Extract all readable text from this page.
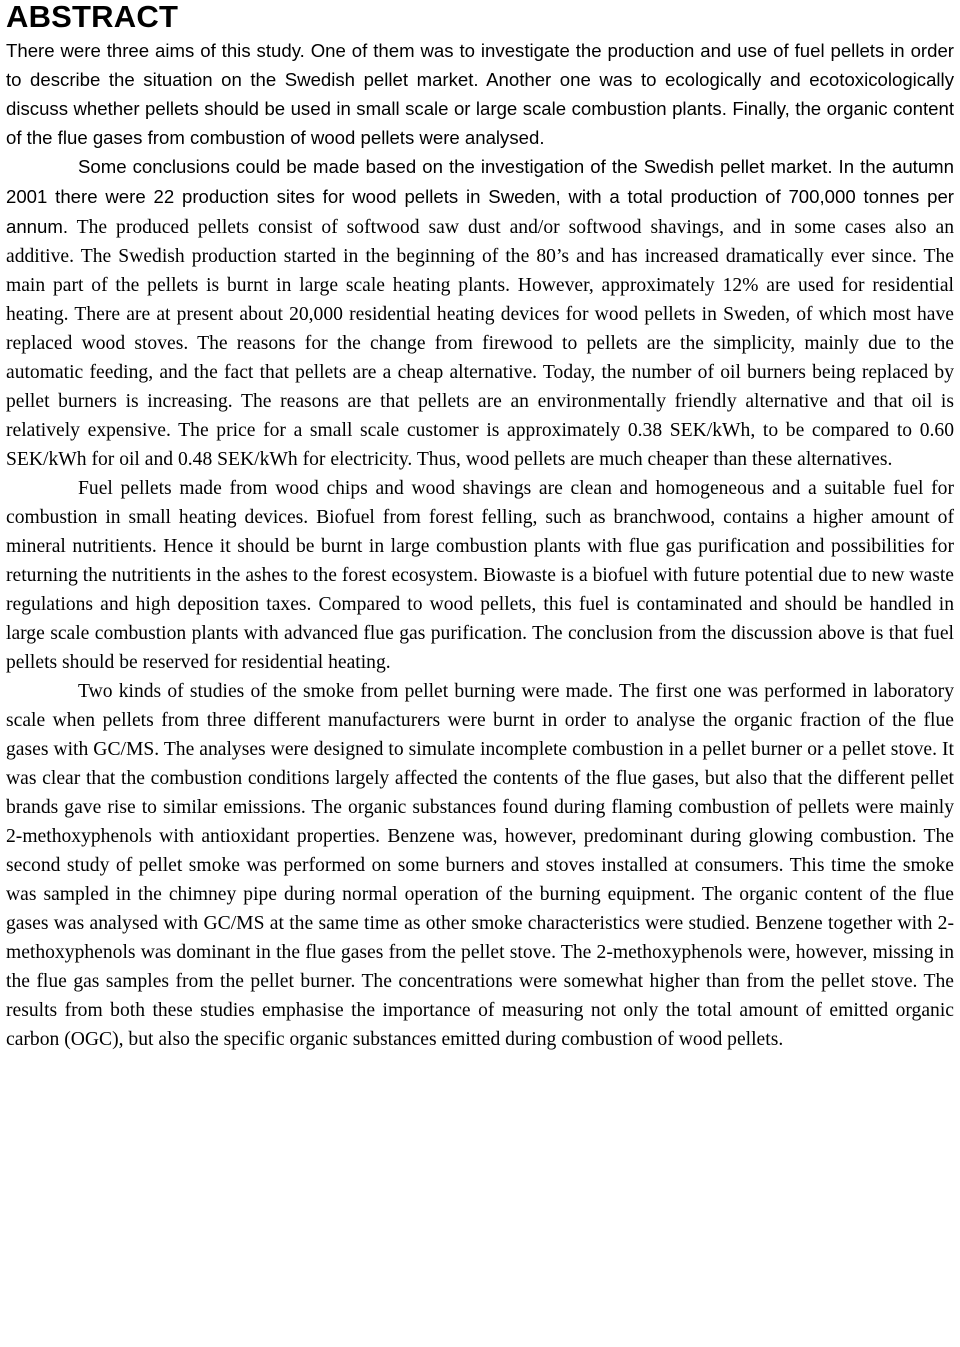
ABSTRACT

There were three aims of this study. One of them was to investigate the production and use of fuel pellets in order to describe the situation on the Swedish pellet market. Another one was to ecologically and ecotoxicologically discuss whether pellets should be used in small scale or large scale combustion plants. Finally, the organic content of the flue gases from combustion of wood pellets were analysed.

Some conclusions could be made based on the investigation of the Swedish pellet market. In the autumn 2001 there were 22 production sites for wood pellets in Sweden, with a total production of 700,000 tonnes per annum. The produced pellets consist of softwood saw dust and/or softwood shavings, and in some cases also an additive. The Swedish production started in the beginning of the 80’s and has increased dramatically ever since. The main part of the pellets is burnt in large scale heating plants. However, approximately 12% are used for residential heating. There are at present about 20,000 residential heating devices for wood pellets in Sweden, of which most have replaced wood stoves. The reasons for the change from firewood to pellets are the simplicity, mainly due to the automatic feeding, and the fact that pellets are a cheap alternative. Today, the number of oil burners being replaced by pellet burners is increasing. The reasons are that pellets are an environmentally friendly alternative and that oil is relatively expensive. The price for a small scale customer is approximately 0.38 SEK/kWh, to be compared to 0.60 SEK/kWh for oil and 0.48 SEK/kWh for electricity. Thus, wood pellets are much cheaper than these alternatives.

Fuel pellets made from wood chips and wood shavings are clean and homogeneous and a suitable fuel for combustion in small heating devices. Biofuel from forest felling, such as branchwood, contains a higher amount of mineral nutritients. Hence it should be burnt in large combustion plants with flue gas purification and possibilities for returning the nutritients in the ashes to the forest ecosystem. Biowaste is a biofuel with future potential due to new waste regulations and high deposition taxes. Compared to wood pellets, this fuel is contaminated and should be handled in large scale combustion plants with advanced flue gas purification. The conclusion from the discussion above is that fuel pellets should be reserved for residential heating.

Two kinds of studies of the smoke from pellet burning were made. The first one was performed in laboratory scale when pellets from three different manufacturers were burnt in order to analyse the organic fraction of the flue gases with GC/MS. The analyses were designed to simulate incomplete combustion in a pellet burner or a pellet stove. It was clear that the combustion conditions largely affected the contents of the flue gases, but also that the different pellet brands gave rise to similar emissions. The organic substances found during flaming combustion of pellets were mainly 2-methoxyphenols with antioxidant properties. Benzene was, however, predominant during glowing combustion. The second study of pellet smoke was performed on some burners and stoves installed at consumers. This time the smoke was sampled in the chimney pipe during normal operation of the burning equipment. The organic content of the flue gases was analysed with GC/MS at the same time as other smoke characteristics were studied. Benzene together with 2-methoxyphenols was dominant in the flue gases from the pellet stove. The 2-methoxyphenols were, however, missing in the flue gas samples from the pellet burner. The concentrations were somewhat higher than from the pellet stove. The results from both these studies emphasise the importance of measuring not only the total amount of emitted organic carbon (OGC), but also the specific organic substances emitted during combustion of wood pellets.
